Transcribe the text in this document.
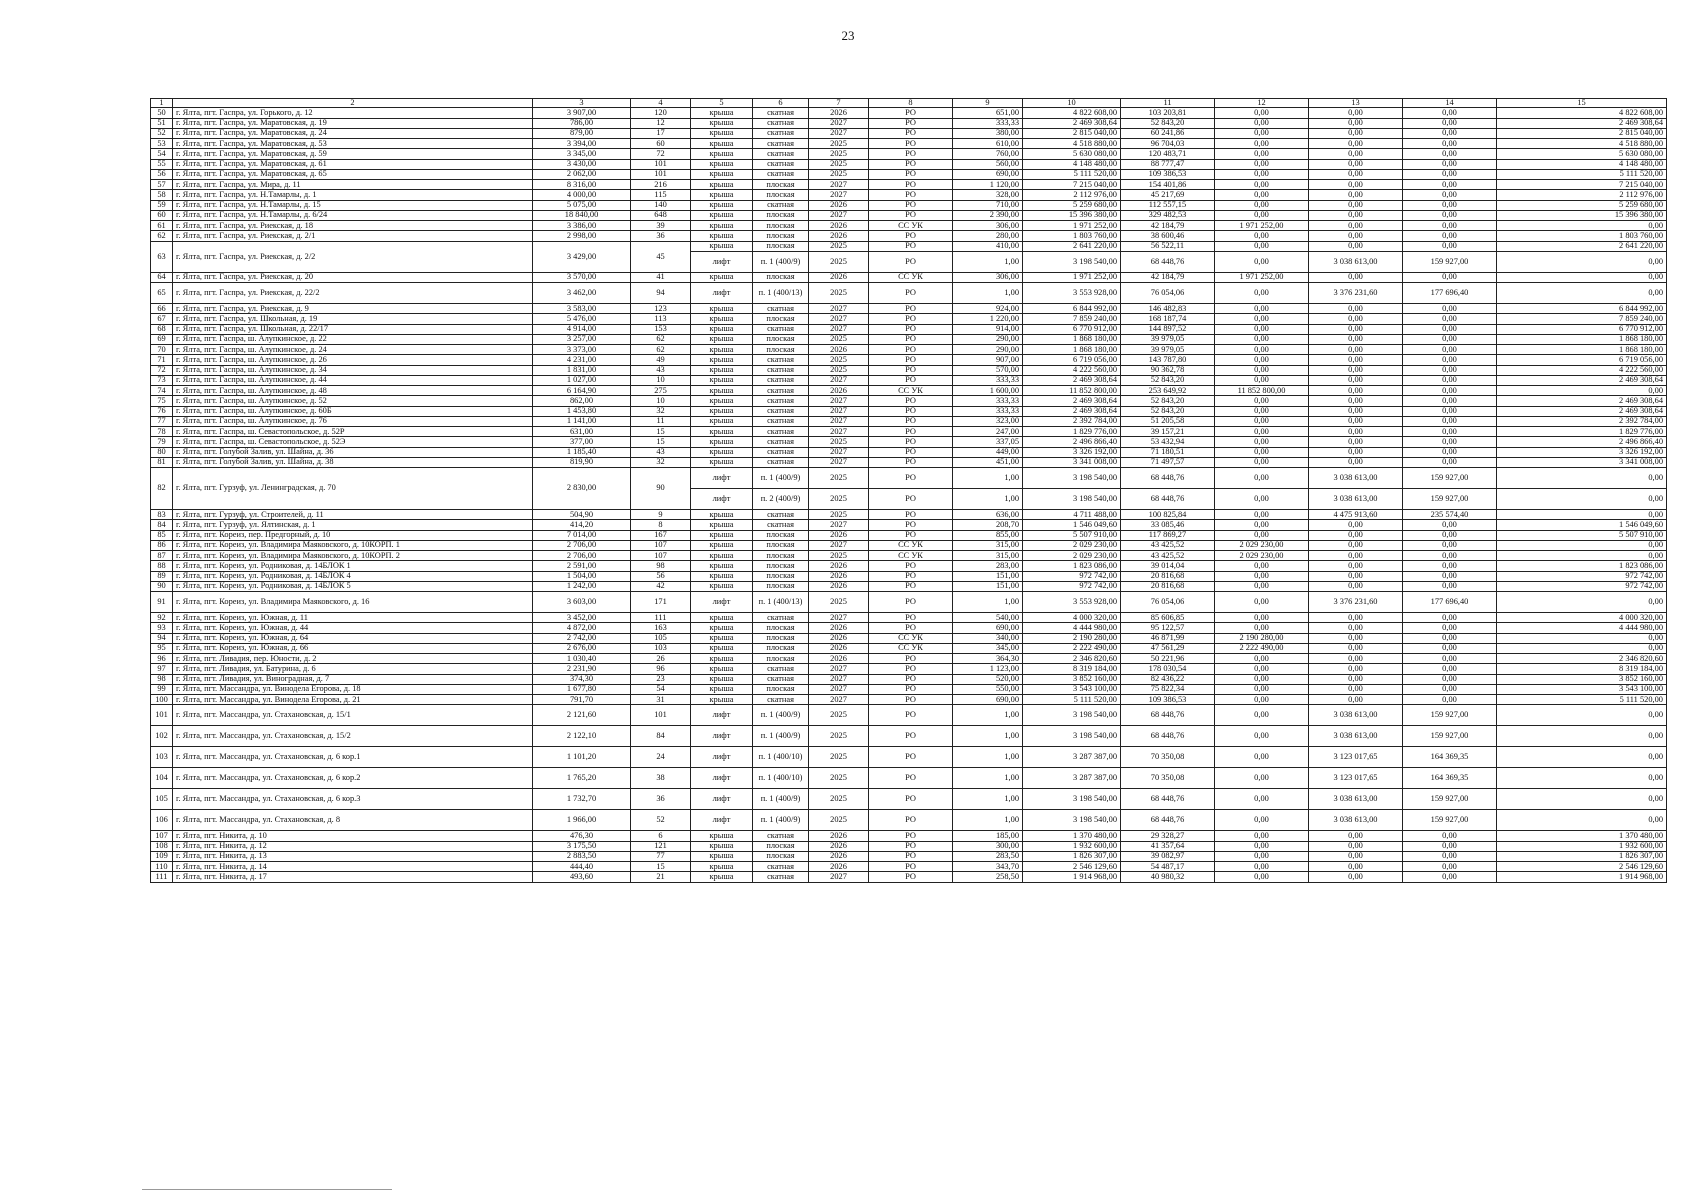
23
1	2	3	4	5	6	7	8	9	10	11	12	13	14	15
50	г. Ялта, пгт. Гаспра, ул. Горького, д. 12	3 907,00	120	крыша	скатная	2026	РО	651,00	4 822 608,00	103 203,81	0,00	0,00	0,00	4 822 608,00
51	г. Ялта, пгт. Гаспра, ул. Маратовская, д. 19	786,00	12	крыша	скатная	2027	РО	333,33	2 469 308,64	52 843,20	0,00	0,00	0,00	2 469 308,64
52	г. Ялта, пгт. Гаспра, ул. Маратовская, д. 24	879,00	17	крыша	скатная	2027	РО	380,00	2 815 040,00	60 241,86	0,00	0,00	0,00	2 815 040,00
53	г. Ялта, пгт. Гаспра, ул. Маратовская, д. 53	3 394,00	60	крыша	скатная	2025	РО	610,00	4 518 880,00	96 704,03	0,00	0,00	0,00	4 518 880,00
54	г. Ялта, пгт. Гаспра, ул. Маратовская, д. 59	3 345,00	72	крыша	скатная	2025	РО	760,00	5 630 080,00	120 483,71	0,00	0,00	0,00	5 630 080,00
55	г. Ялта, пгт. Гаспра, ул. Маратовская, д. 61	3 430,00	101	крыша	скатная	2025	РО	560,00	4 148 480,00	88 777,47	0,00	0,00	0,00	4 148 480,00
56	г. Ялта, пгт. Гаспра, ул. Маратовская, д. 65	2 062,00	101	крыша	скатная	2025	РО	690,00	5 111 520,00	109 386,53	0,00	0,00	0,00	5 111 520,00
57	г. Ялта, пгт. Гаспра, ул. Мира, д. 11	8 316,00	216	крыша	плоская	2027	РО	1 120,00	7 215 040,00	154 401,86	0,00	0,00	0,00	7 215 040,00
58	г. Ялта, пгт. Гаспра, ул. Н.Тамарлы, д. 1	4 000,00	115	крыша	плоская	2027	РО	328,00	2 112 976,00	45 217,69	0,00	0,00	0,00	2 112 976,00
59	г. Ялта, пгт. Гаспра, ул. Н.Тамарлы, д. 15	5 075,00	140	крыша	скатная	2026	РО	710,00	5 259 680,00	112 557,15	0,00	0,00	0,00	5 259 680,00
60	г. Ялта, пгт. Гаспра, ул. Н.Тамарлы, д. 6/24	18 840,00	648	крыша	плоская	2027	РО	2 390,00	15 396 380,00	329 482,53	0,00	0,00	0,00	15 396 380,00
61	г. Ялта, пгт. Гаспра, ул. Риекская, д. 18	3 386,00	39	крыша	плоская	2026	СС УК	306,00	1 971 252,00	42 184,79	1 971 252,00	0,00	0,00	0,00
62	г. Ялта, пгт. Гаспра, ул. Риекская, д. 2/1	2 998,00	36	крыша	плоская	2026	РО	280,00	1 803 760,00	38 600,46	0,00	0,00	0,00	1 803 760,00
63	г. Ялта, пгт. Гаспра, ул. Риекская, д. 2/2	3 429,00	45	крыша	плоская	2025	РО	410,00	2 641 220,00	56 522,11	0,00	0,00	0,00	2 641 220,00
				лифт	п. 1 (400/9)	2025	РО	1,00	3 198 540,00	68 448,76	0,00	3 038 613,00	159 927,00	0,00
64	г. Ялта, пгт. Гаспра, ул. Риекская, д. 20	3 570,00	41	крыша	плоская	2026	СС УК	306,00	1 971 252,00	42 184,79	1 971 252,00	0,00	0,00	0,00
65	г. Ялта, пгт. Гаспра, ул. Риекская, д. 22/2	3 462,00	94	лифт	п. 1 (400/13)	2025	РО	1,00	3 553 928,00	76 054,06	0,00	3 376 231,60	177 696,40	0,00
66	г. Ялта, пгт. Гаспра, ул. Риекская, д. 9	3 583,00	123	крыша	скатная	2027	РО	924,00	6 844 992,00	146 482,83	0,00	0,00	0,00	6 844 992,00
67	г. Ялта, пгт. Гаспра, ул. Школьная, д. 19	5 476,00	113	крыша	плоская	2027	РО	1 220,00	7 859 240,00	168 187,74	0,00	0,00	0,00	7 859 240,00
68	г. Ялта, пгт. Гаспра, ул. Школьная, д. 22/17	4 914,00	153	крыша	скатная	2027	РО	914,00	6 770 912,00	144 897,52	0,00	0,00	0,00	6 770 912,00
69	г. Ялта, пгт. Гаспра, ш. Алупкинское, д. 22	3 257,00	62	крыша	плоская	2025	РО	290,00	1 868 180,00	39 979,05	0,00	0,00	0,00	1 868 180,00
70	г. Ялта, пгт. Гаспра, ш. Алупкинское, д. 24	3 373,00	62	крыша	плоская	2026	РО	290,00	1 868 180,00	39 979,05	0,00	0,00	0,00	1 868 180,00
71	г. Ялта, пгт. Гаспра, ш. Алупкинское, д. 26	4 231,00	49	крыша	скатная	2025	РО	907,00	6 719 056,00	143 787,80	0,00	0,00	0,00	6 719 056,00
72	г. Ялта, пгт. Гаспра, ш. Алупкинское, д. 34	1 831,00	43	крыша	скатная	2025	РО	570,00	4 222 560,00	90 362,78	0,00	0,00	0,00	4 222 560,00
73	г. Ялта, пгт. Гаспра, ш. Алупкинское, д. 44	1 027,00	10	крыша	скатная	2027	РО	333,33	2 469 308,64	52 843,20	0,00	0,00	0,00	2 469 308,64
74	г. Ялта, пгт. Гаспра, ш. Алупкинское, д. 48	6 164,90	275	крыша	скатная	2026	СС УК	1 600,00	11 852 800,00	253 649,92	11 852 800,00	0,00	0,00	0,00
75	г. Ялта, пгт. Гаспра, ш. Алупкинское, д. 52	862,00	10	крыша	скатная	2027	РО	333,33	2 469 308,64	52 843,20	0,00	0,00	0,00	2 469 308,64
76	г. Ялта, пгт. Гаспра, ш. Алупкинское, д. 60Б	1 453,80	32	крыша	скатная	2027	РО	333,33	2 469 308,64	52 843,20	0,00	0,00	0,00	2 469 308,64
77	г. Ялта, пгт. Гаспра, ш. Алупкинское, д. 76	1 141,00	11	крыша	скатная	2027	РО	323,00	2 392 784,00	51 205,58	0,00	0,00	0,00	2 392 784,00
78	г. Ялта, пгт. Гаспра, ш. Севастопольское, д. 52Р	631,00	15	крыша	скатная	2027	РО	247,00	1 829 776,00	39 157,21	0,00	0,00	0,00	1 829 776,00
79	г. Ялта, пгт. Гаспра, ш. Севастопольское, д. 52Э	377,00	15	крыша	скатная	2025	РО	337,05	2 496 866,40	53 432,94	0,00	0,00	0,00	2 496 866,40
80	г. Ялта, пгт. Голубой Залив, ул. Шайна, д. 36	1 185,40	43	крыша	скатная	2027	РО	449,00	3 326 192,00	71 180,51	0,00	0,00	0,00	3 326 192,00
81	г. Ялта, пгт. Голубой Залив, ул. Шайна, д. 38	819,90	32	крыша	скатная	2027	РО	451,00	3 341 008,00	71 497,57	0,00	0,00	0,00	3 341 008,00
82	г. Ялта, пгт. Гурзуф, ул. Ленинградская, д. 70	2 830,00	90	лифт	п. 1 (400/9)	2025	РО	1,00	3 198 540,00	68 448,76	0,00	3 038 613,00	159 927,00	0,00
				лифт	п. 2 (400/9)	2025	РО	1,00	3 198 540,00	68 448,76	0,00	3 038 613,00	159 927,00	0,00
83	г. Ялта, пгт. Гурзуф, ул. Строителей, д. 11	504,90	9	крыша	скатная	2025	РО	636,00	4 711 488,00	100 825,84	0,00	4 475 913,60	235 574,40	0,00
84	г. Ялта, пгт. Гурзуф, ул. Ялтинская, д. 1	414,20	8	крыша	скатная	2027	РО	208,70	1 546 049,60	33 085,46	0,00	0,00	0,00	1 546 049,60
85	г. Ялта, пгт. Кореиз, пер. Предгорный, д. 10	7 014,00	167	крыша	плоская	2026	РО	855,00	5 507 910,00	117 869,27	0,00	0,00	0,00	5 507 910,00
86	г. Ялта, пгт. Кореиз, ул. Владимира Маяковского, д. 10КОРП. 1	2 706,00	107	крыша	плоская	2027	СС УК	315,00	2 029 230,00	43 425,52	2 029 230,00	0,00	0,00	0,00
87	г. Ялта, пгт. Кореиз, ул. Владимира Маяковского, д. 10КОРП. 2	2 706,00	107	крыша	плоская	2025	СС УК	315,00	2 029 230,00	43 425,52	2 029 230,00	0,00	0,00	0,00
88	г. Ялта, пгт. Кореиз, ул. Родниковая, д. 14БЛОК 1	2 591,00	98	крыша	плоская	2026	РО	283,00	1 823 086,00	39 014,04	0,00	0,00	0,00	1 823 086,00
89	г. Ялта, пгт. Кореиз, ул. Родниковая, д. 14БЛОК 4	1 504,00	56	крыша	плоская	2026	РО	151,00	972 742,00	20 816,68	0,00	0,00	0,00	972 742,00
90	г. Ялта, пгт. Кореиз, ул. Родниковая, д. 14БЛОК 5	1 242,00	42	крыша	плоская	2026	РО	151,00	972 742,00	20 816,68	0,00	0,00	0,00	972 742,00
91	г. Ялта, пгт. Кореиз, ул. Владимира Маяковского, д. 16	3 603,00	171	лифт	п. 1 (400/13)	2025	РО	1,00	3 553 928,00	76 054,06	0,00	3 376 231,60	177 696,40	0,00
92	г. Ялта, пгт. Кореиз, ул. Южная, д. 11	3 452,00	111	крыша	скатная	2027	РО	540,00	4 000 320,00	85 606,85	0,00	0,00	0,00	4 000 320,00
93	г. Ялта, пгт. Кореиз, ул. Южная, д. 44	4 872,00	163	крыша	плоская	2026	РО	690,00	4 444 980,00	95 122,57	0,00	0,00	0,00	4 444 980,00
94	г. Ялта, пгт. Кореиз, ул. Южная, д. 64	2 742,00	105	крыша	плоская	2026	СС УК	340,00	2 190 280,00	46 871,99	2 190 280,00	0,00	0,00	0,00
95	г. Ялта, пгт. Кореиз, ул. Южная, д. 66	2 676,00	103	крыша	плоская	2026	СС УК	345,00	2 222 490,00	47 561,29	2 222 490,00	0,00	0,00	0,00
96	г. Ялта, пгт. Ливадия, пер. Юности, д. 2	1 030,40	26	крыша	плоская	2026	РО	364,30	2 346 820,60	50 221,96	0,00	0,00	0,00	2 346 820,60
97	г. Ялта, пгт. Ливадия, ул. Батурина, д. 6	2 231,90	96	крыша	скатная	2027	РО	1 123,00	8 319 184,00	178 030,54	0,00	0,00	0,00	8 319 184,00
98	г. Ялта, пгт. Ливадия, ул. Виноградная, д. 7	374,30	23	крыша	скатная	2027	РО	520,00	3 852 160,00	82 436,22	0,00	0,00	0,00	3 852 160,00
99	г. Ялта, пгт. Массандра, ул. Винодела Егорова, д. 18	1 677,80	54	крыша	плоская	2027	РО	550,00	3 543 100,00	75 822,34	0,00	0,00	0,00	3 543 100,00
100	г. Ялта, пгт. Массандра, ул. Винодела Егорова, д. 21	791,70	31	крыша	скатная	2027	РО	690,00	5 111 520,00	109 386,53	0,00	0,00	0,00	5 111 520,00
101	г. Ялта, пгт. Массандра, ул. Стахановская, д. 15/1	2 121,60	101	лифт	п. 1 (400/9)	2025	РО	1,00	3 198 540,00	68 448,76	0,00	3 038 613,00	159 927,00	0,00
102	г. Ялта, пгт. Массандра, ул. Стахановская, д. 15/2	2 122,10	84	лифт	п. 1 (400/9)	2025	РО	1,00	3 198 540,00	68 448,76	0,00	3 038 613,00	159 927,00	0,00
103	г. Ялта, пгт. Массандра, ул. Стахановская, д. 6 кор.1	1 101,20	24	лифт	п. 1 (400/10)	2025	РО	1,00	3 287 387,00	70 350,08	0,00	3 123 017,65	164 369,35	0,00
104	г. Ялта, пгт. Массандра, ул. Стахановская, д. 6 кор.2	1 765,20	38	лифт	п. 1 (400/10)	2025	РО	1,00	3 287 387,00	70 350,08	0,00	3 123 017,65	164 369,35	0,00
105	г. Ялта, пгт. Массандра, ул. Стахановская, д. 6 кор.3	1 732,70	36	лифт	п. 1 (400/9)	2025	РО	1,00	3 198 540,00	68 448,76	0,00	3 038 613,00	159 927,00	0,00
106	г. Ялта, пгт. Массандра, ул. Стахановская, д. 8	1 966,00	52	лифт	п. 1 (400/9)	2025	РО	1,00	3 198 540,00	68 448,76	0,00	3 038 613,00	159 927,00	0,00
107	г. Ялта, пгт. Никита, д. 10	476,30	6	крыша	скатная	2026	РО	185,00	1 370 480,00	29 328,27	0,00	0,00	0,00	1 370 480,00
108	г. Ялта, пгт. Никита, д. 12	3 175,50	121	крыша	плоская	2026	РО	300,00	1 932 600,00	41 357,64	0,00	0,00	0,00	1 932 600,00
109	г. Ялта, пгт. Никита, д. 13	2 883,50	77	крыша	плоская	2026	РО	283,50	1 826 307,00	39 082,97	0,00	0,00	0,00	1 826 307,00
110	г. Ялта, пгт. Никита, д. 14	444,40	15	крыша	скатная	2026	РО	343,70	2 546 129,60	54 487,17	0,00	0,00	0,00	2 546 129,60
111	г. Ялта, пгт. Никита, д. 17	493,60	21	крыша	скатная	2027	РО	258,50	1 914 968,00	40 980,32	0,00	0,00	0,00	1 914 968,00
